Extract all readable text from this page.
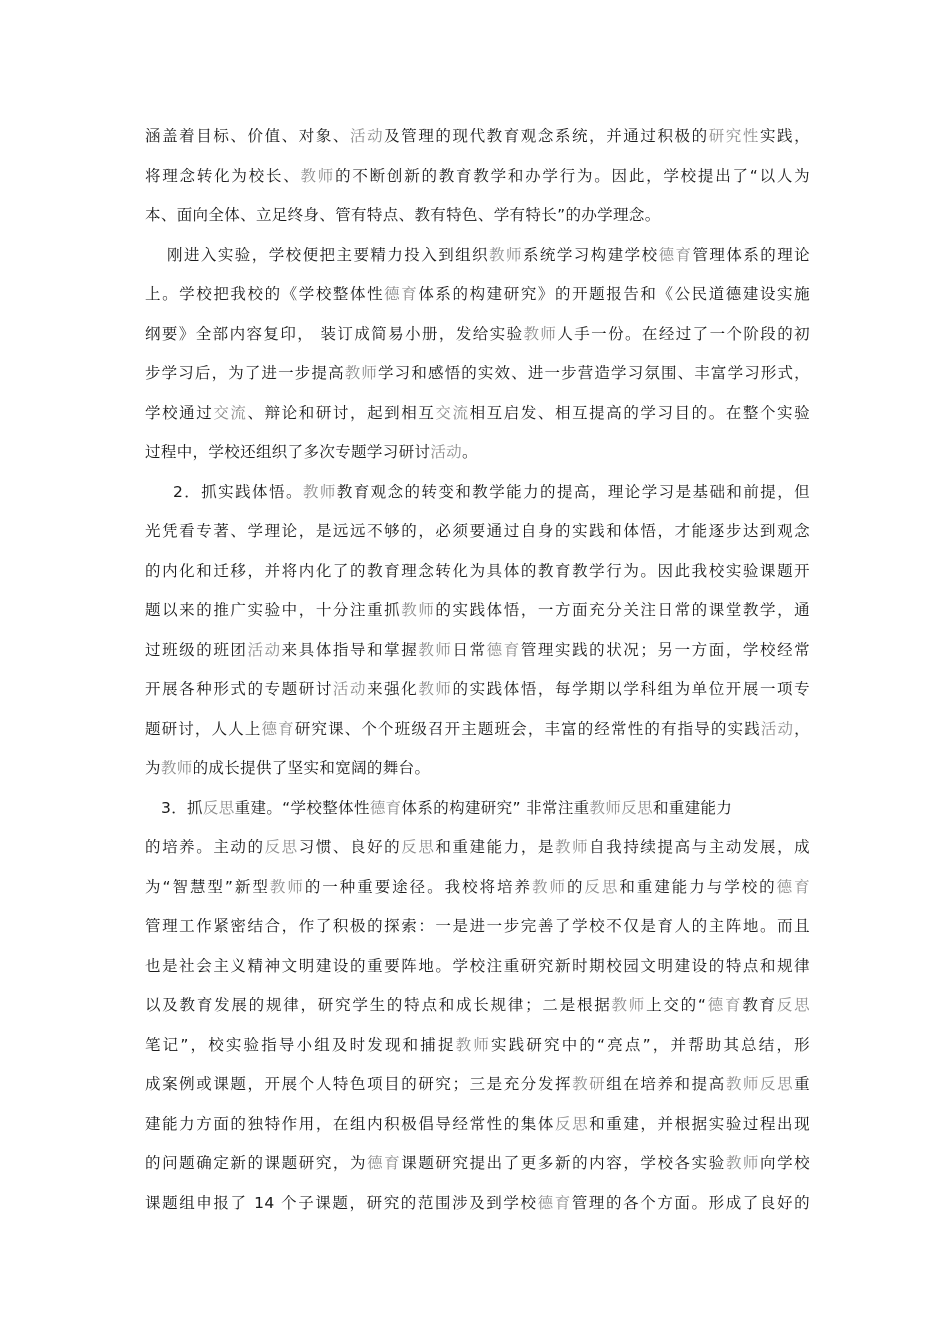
涵盖着目标、价值、对象、活动及管理的现代教育观念系统，并通过积极的研究性实践，
将理念转化为校长、教师的不断创新的教育教学和办学行为。因此，学校提出了“以人为
本、面向全体、立足终身、管有特点、教有特色、学有特长”的办学理念。
刚进入实验，学校便把主要精力投入到组织教师系统学习构建学校德育管理体系的理论
上。学校把我校的《学校整体性德育体系的构建研究》的开题报告和《公民道德建设实施
纲要》全部内容复印， 装订成简易小册，发给实验教师人手一份。在经过了一个阶段的初
步学习后，为了进一步提高教师学习和感悟的实效、进一步营造学习氛围、丰富学习形式，
学校通过交流、辩论和研讨，起到相互交流相互启发、相互提高的学习目的。在整个实验
过程中，学校还组织了多次专题学习研讨活动。
2．抓实践体悟。教师教育观念的转变和教学能力的提高，理论学习是基础和前提，但
光凭看专著、学理论，是远远不够的，必须要通过自身的实践和体悟，才能逐步达到观念
的内化和迁移，并将内化了的教育理念转化为具体的教育教学行为。因此我校实验课题开
题以来的推广实验中，十分注重抓教师的实践体悟，一方面充分关注日常的课堂教学，通
过班级的班团活动来具体指导和掌握教师日常德育管理实践的状况；另一方面，学校经常
开展各种形式的专题研讨活动来强化教师的实践体悟，每学期以学科组为单位开展一项专
题研讨，人人上德育研究课、个个班级召开主题班会，丰富的经常性的有指导的实践活动，
为教师的成长提供了坚实和宽阔的舞台。
3．抓反思重建。“学校整体性德育体系的构建研究” 非常注重教师反思和重建能力
的培养。主动的反思习惯、良好的反思和重建能力，是教师自我持续提高与主动发展，成
为“智慧型”新型教师的一种重要途径。我校将培养教师的反思和重建能力与学校的德育
管理工作紧密结合，作了积极的探索：一是进一步完善了学校不仅是育人的主阵地。而且
也是社会主义精神文明建设的重要阵地。学校注重研究新时期校园文明建设的特点和规律
以及教育发展的规律，研究学生的特点和成长规律；二是根据教师上交的“德育教育反思
笔记”，校实验指导小组及时发现和捕捉教师实践研究中的“亮点”，并帮助其总结，形
成案例或课题，开展个人特色项目的研究；三是充分发挥教研组在培养和提高教师反思重
建能力方面的独特作用，在组内积极倡导经常性的集体反思和重建，并根据实验过程出现
的问题确定新的课题研究，为德育课题研究提出了更多新的内容，学校各实验教师向学校
课题组申报了 14 个子课题，研究的范围涉及到学校德育管理的各个方面。形成了良好的
